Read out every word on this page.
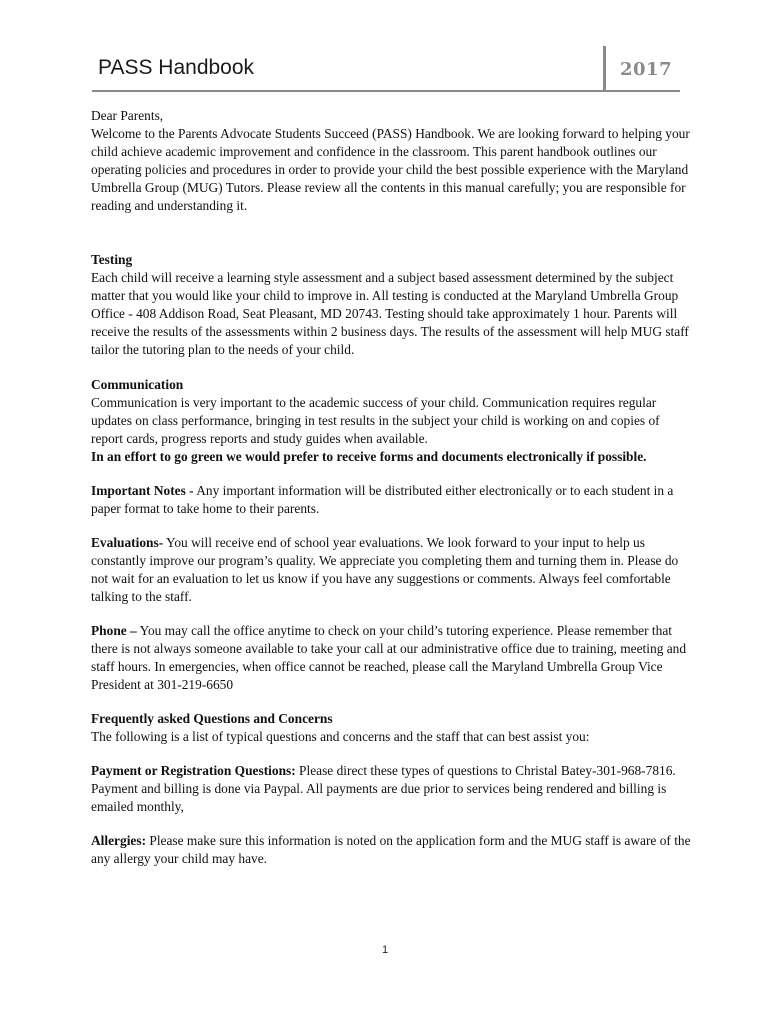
PASS Handbook	2017

Dear Parents,

Welcome to the Parents Advocate Students Succeed (PASS) Handbook. We are looking forward to helping your child achieve academic improvement and confidence in the classroom. This parent handbook outlines our operating policies and procedures in order to provide your child the best possible experience with the Maryland Umbrella Group (MUG) Tutors. Please review all the contents in this manual carefully; you are responsible for reading and understanding it.

Testing

Each child will receive a learning style assessment and a subject based assessment determined by the subject matter that you would like your child to improve in. All testing is conducted at the Maryland Umbrella Group Office - 408 Addison Road, Seat Pleasant, MD 20743. Testing should take approximately 1 hour. Parents will receive the results of the assessments within 2 business days. The results of the assessment will help MUG staff tailor the tutoring plan to the needs of your child.

Communication

Communication is very important to the academic success of your child. Communication requires regular updates on class performance, bringing in test results in the subject your child is working on and copies of report cards, progress reports and study guides when available.

In an effort to go green we would prefer to receive forms and documents electronically if possible.

Important Notes - Any important information will be distributed either electronically or to each student in a paper format to take home to their parents.

Evaluations- You will receive end of school year evaluations. We look forward to your input to help us constantly improve our program’s quality. We appreciate you completing them and turning them in. Please do not wait for an evaluation to let us know if you have any suggestions or comments. Always feel comfortable talking to the staff.

Phone – You may call the office anytime to check on your child’s tutoring experience. Please remember that there is not always someone available to take your call at our administrative office due to training, meeting and staff hours. In emergencies, when office cannot be reached, please call the Maryland Umbrella Group Vice President at 301-219-6650

Frequently asked Questions and Concerns

The following is a list of typical questions and concerns and the staff that can best assist you:

Payment or Registration Questions: Please direct these types of questions to Christal Batey-301-968-7816. Payment and billing is done via Paypal. All payments are due prior to services being rendered and billing is emailed monthly,

Allergies: Please make sure this information is noted on the application form and the MUG staff is aware of the any allergy your child may have.

1
